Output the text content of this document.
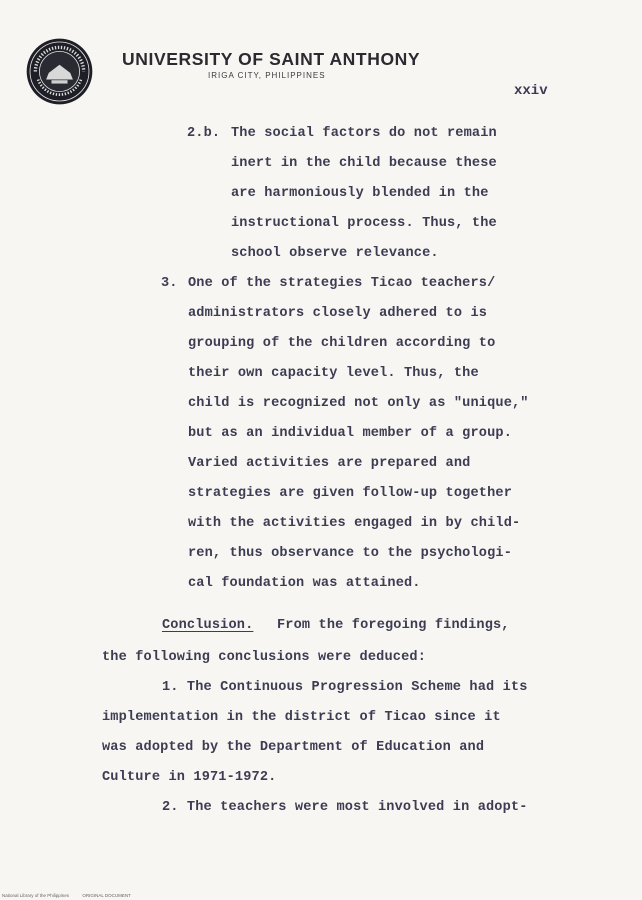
UNIVERSITY OF SAINT ANTHONY
IRIGA CITY, PHILIPPINES
xxiv
2.b. The social factors do not remain
inert in the child because these
are harmoniously blended in the
instructional process. Thus, the
school observe relevance.
3. One of the strategies Ticao teachers/
administrators closely adhered to is
grouping of the children according to
their own capacity level. Thus, the
child is recognized not only as "unique,"
but as an individual member of a group.
Varied activities are prepared and
strategies are given follow-up together
with the activities engaged in by child-
ren, thus observance to the psychologi-
cal foundation was attained.
Conclusion. From the foregoing findings,
the following conclusions were deduced:
1. The Continuous Progression Scheme had its
implementation in the district of Ticao since it
was adopted by the Department of Education and
Culture in 1971-1972.
2. The teachers were most involved in adopt-
National Library of the Philippines	ORIGINAL DOCUMENT
